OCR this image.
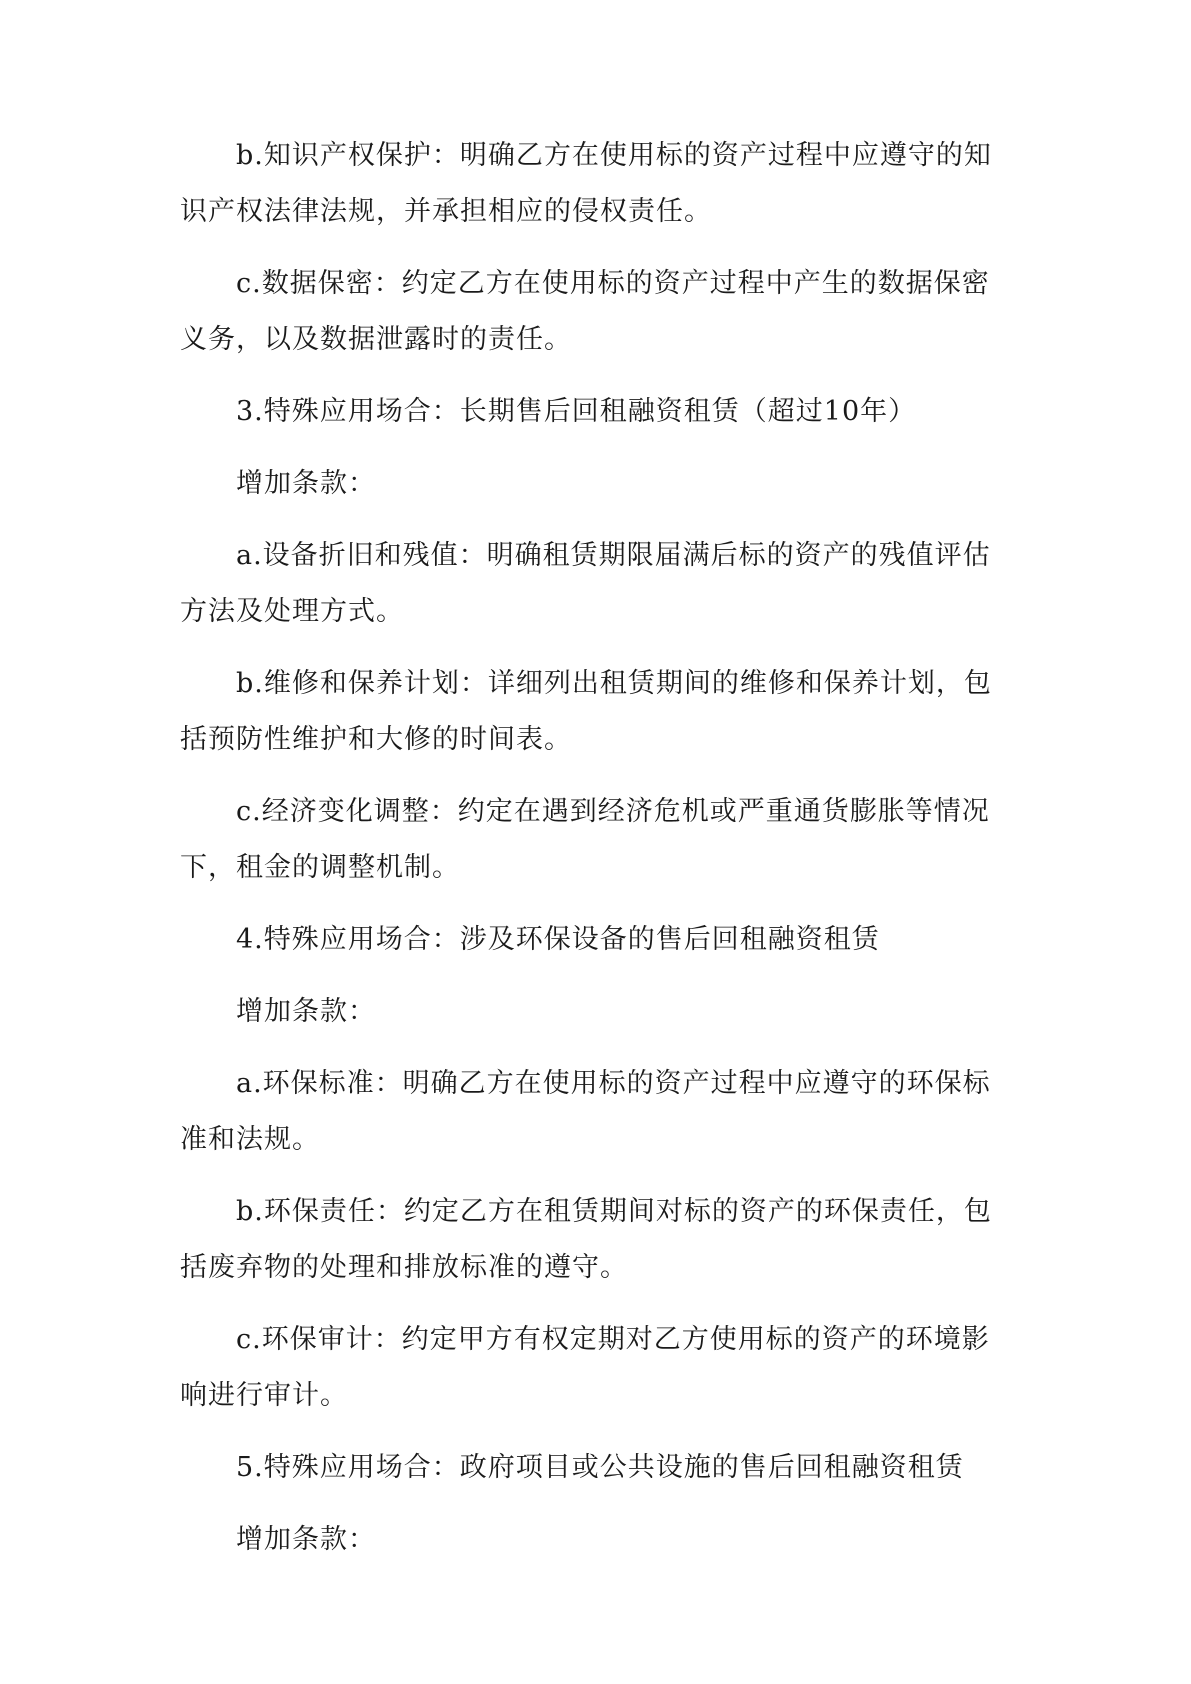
b.知识产权保护：明确乙方在使用标的资产过程中应遵守的知识产权法律法规，并承担相应的侵权责任。

c.数据保密：约定乙方在使用标的资产过程中产生的数据保密义务，以及数据泄露时的责任。

3.特殊应用场合：长期售后回租融资租赁（超过10年）

增加条款：

a.设备折旧和残值：明确租赁期限届满后标的资产的残值评估方法及处理方式。

b.维修和保养计划：详细列出租赁期间的维修和保养计划，包括预防性维护和大修的时间表。

c.经济变化调整：约定在遇到经济危机或严重通货膨胀等情况下，租金的调整机制。

4.特殊应用场合：涉及环保设备的售后回租融资租赁

增加条款：

a.环保标准：明确乙方在使用标的资产过程中应遵守的环保标准和法规。

b.环保责任：约定乙方在租赁期间对标的资产的环保责任，包括废弃物的处理和排放标准的遵守。

c.环保审计：约定甲方有权定期对乙方使用标的资产的环境影响进行审计。

5.特殊应用场合：政府项目或公共设施的售后回租融资租赁

增加条款：
